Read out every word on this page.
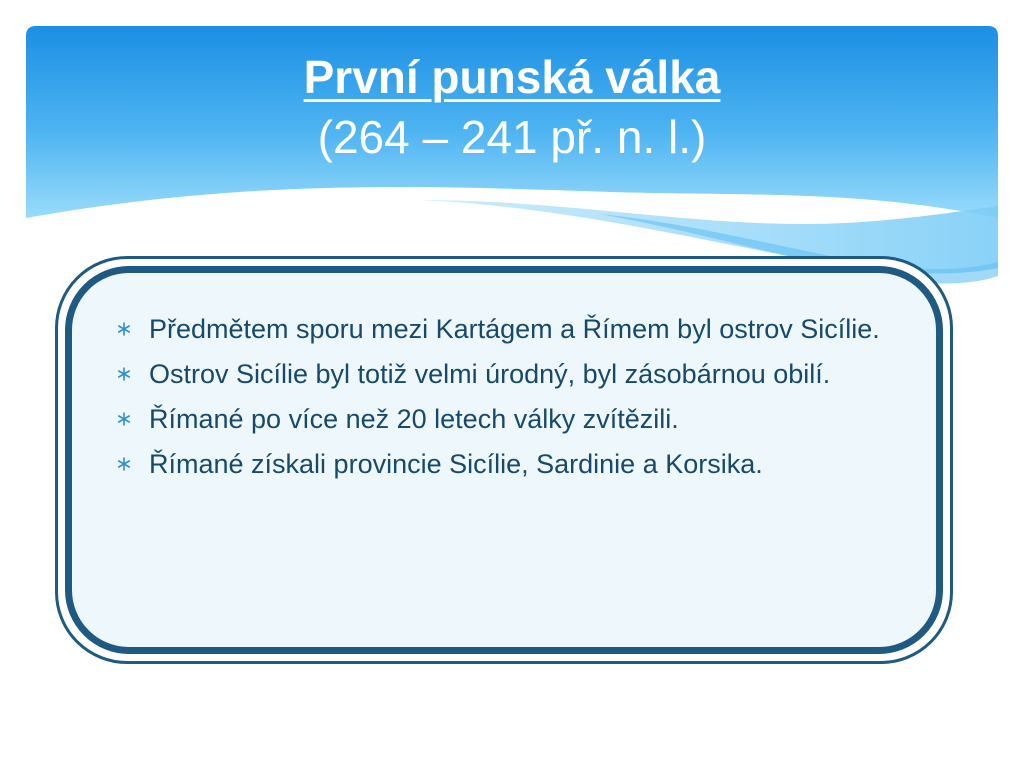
První punská válka
(264 – 241 př. n. l.)
Předmětem sporu mezi Kartágem a Římem byl ostrov Sicílie.
Ostrov Sicílie byl totiž velmi úrodný, byl zásobárnou obilí.
Římané po více než 20 letech války zvítězili.
Římané získali provincie Sicílie, Sardinie a Korsika.
